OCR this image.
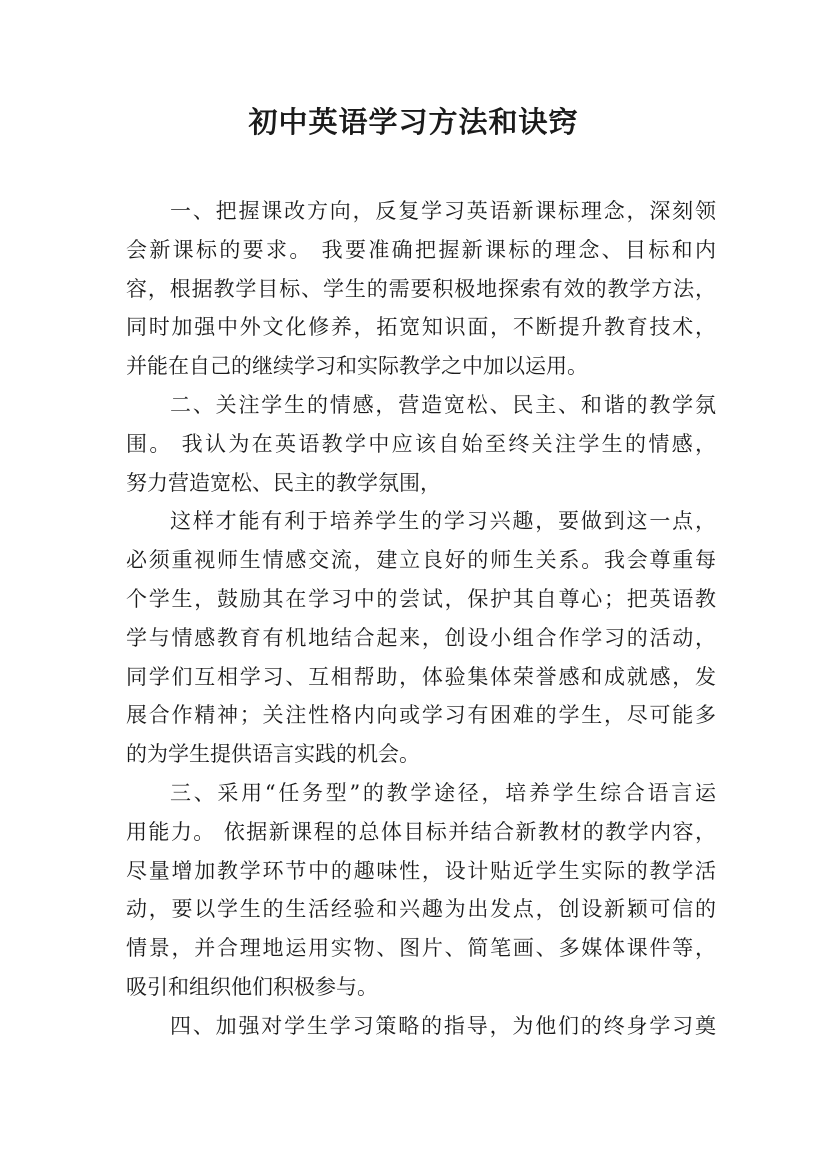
初中英语学习方法和诀窍

一、把握课改方向，反复学习英语新课标理念，深刻领
会新课标的要求。 我要准确把握新课标的理念、目标和内
容，根据教学目标、学生的需要积极地探索有效的教学方法，
同时加强中外文化修养，拓宽知识面，不断提升教育技术，
并能在自己的继续学习和实际教学之中加以运用。

二、关注学生的情感，营造宽松、民主、和谐的教学氛
围。 我认为在英语教学中应该自始至终关注学生的情感，
努力营造宽松、民主的教学氛围，

这样才能有利于培养学生的学习兴趣，要做到这一点，
必须重视师生情感交流，建立良好的师生关系。我会尊重每
个学生，鼓励其在学习中的尝试，保护其自尊心；把英语教
学与情感教育有机地结合起来，创设小组合作学习的活动，
同学们互相学习、互相帮助，体验集体荣誉感和成就感，发
展合作精神；关注性格内向或学习有困难的学生，尽可能多
的为学生提供语言实践的机会。

三、采用“任务型”的教学途径，培养学生综合语言运
用能力。 依据新课程的总体目标并结合新教材的教学内容，
尽量增加教学环节中的趣味性，设计贴近学生实际的教学活
动，要以学生的生活经验和兴趣为出发点，创设新颖可信的
情景，并合理地运用实物、图片、简笔画、多媒体课件等，
吸引和组织他们积极参与。

四、加强对学生学习策略的指导，为他们的终身学习奠
